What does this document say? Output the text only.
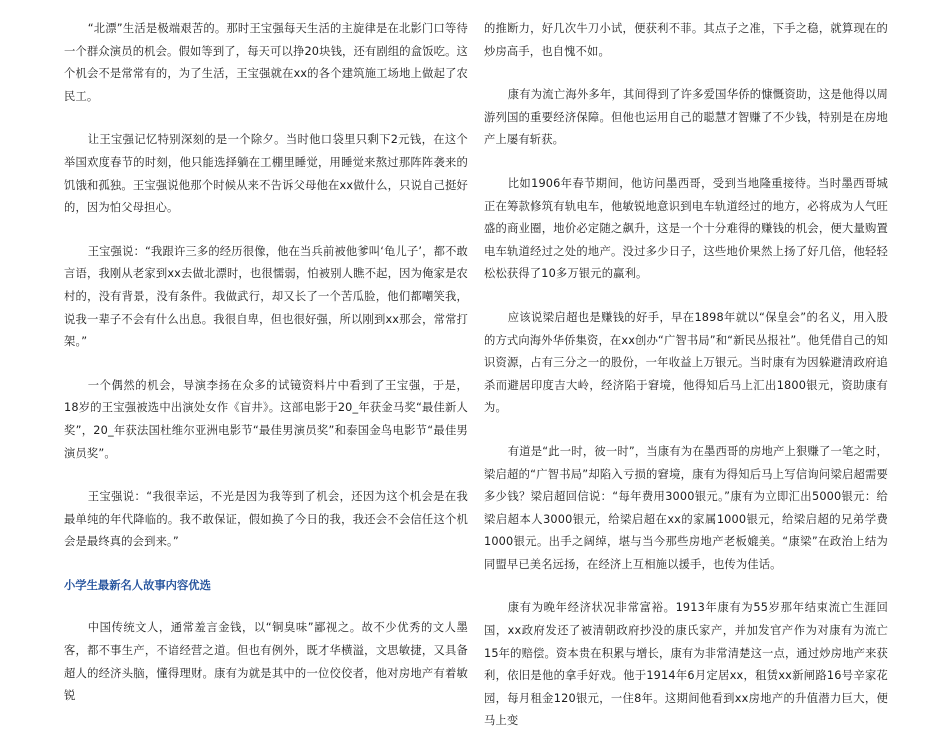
“北漂”生活是极端艰苦的。那时王宝强每天生活的主旋律是在北影门口等待一个群众演员的机会。假如等到了，每天可以挣20块钱，还有剧组的盒饭吃。这个机会不是常常有的，为了生活，王宝强就在xx的各个建筑施工场地上做起了农民工。

让王宝强记忆特别深刻的是一个除夕。当时他口袋里只剩下2元钱，在这个举国欢度春节的时刻，他只能选择躺在工棚里睡觉，用睡觉来熬过那阵阵袭来的饥饿和孤独。王宝强说他那个时候从来不告诉父母他在xx做什么，只说自己挺好的，因为怕父母担心。

王宝强说：“我跟许三多的经历很像，他在当兵前被他爹叫‘龟儿子’，都不敢言语，我刚从老家到xx去做北漂时，也很懦弱，怕被别人瞧不起，因为俺家是农村的，没有背景，没有条件。我做武行，却又长了一个苦瓜脸，他们都嘲笑我，说我一辈子不会有什么出息。我很自卑，但也很好强，所以刚到xx那会，常常打架。”

一个偶然的机会，导演李扬在众多的试镜资料片中看到了王宝强，于是，18岁的王宝强被选中出演处女作《盲井》。这部电影于20_年获金马奖“最佳新人奖”，20_年获法国杜维尔亚洲电影节“最佳男演员奖”和泰国金鸟电影节“最佳男演员奖”。

王宝强说：“我很幸运，不光是因为我等到了机会，还因为这个机会是在我最单纯的年代降临的。我不敢保证，假如换了今日的我，我还会不会信任这个机会是最终真的会到来。”

小学生最新名人故事内容优选

中国传统文人，通常羞言金钱，以“铜臭味”鄙视之。故不少优秀的文人墨客，都不事生产，不谙经营之道。但也有例外，既才华横溢，文思敏捷，又具备超人的经济头脑，懂得理财。康有为就是其中的一位佼佼者，他对房地产有着敏锐

的推断力，好几次牛刀小试，便获利不菲。其点子之准，下手之稳，就算现在的炒房高手，也自愧不如。

康有为流亡海外多年，其间得到了许多爱国华侨的慷慨资助，这是他得以周游列国的重要经济保障。但他也运用自己的聪慧才智赚了不少钱，特别是在房地产上屡有斩获。

比如1906年春节期间，他访问墨西哥，受到当地隆重接待。当时墨西哥城正在筹款修筑有轨电车，他敏锐地意识到电车轨道经过的地方，必将成为人气旺盛的商业圈，地价必定随之飙升，这是一个十分难得的赚钱的机会，便大量购置电车轨道经过之处的地产。没过多少日子，这些地价果然上扬了好几倍，他轻轻松松获得了10多万银元的赢利。

应该说梁启超也是赚钱的好手，早在1898年就以“保皇会”的名义，用入股的方式向海外华侨集资，在xx创办“广智书局”和“新民丛报社”。他凭借自己的知识资源，占有三分之一的股份，一年收益上万银元。当时康有为因躲避清政府追杀而避居印度吉大岭，经济陷于窘境，他得知后马上汇出1800银元，资助康有为。

有道是“此一时，彼一时”，当康有为在墨西哥的房地产上狠赚了一笔之时，梁启超的“广智书局”却陷入亏损的窘境，康有为得知后马上写信询问梁启超需要多少钱？梁启超回信说：“每年费用3000银元。”康有为立即汇出5000银元：给梁启超本人3000银元，给梁启超在xx的家属1000银元，给梁启超的兄弟学费1000银元。出手之阔绰，堪与当今那些房地产老板媲美。“康梁”在政治上结为同盟早已美名远扬，在经济上互相施以援手，也传为佳话。

康有为晚年经济状况非常富裕。1913年康有为55岁那年结束流亡生涯回国，xx政府发还了被清朝政府抄没的康氏家产，并加发官产作为对康有为流亡15年的赔偿。资本贵在积累与增长，康有为非常清楚这一点，通过炒房地产来获利，依旧是他的拿手好戏。他于1914年6月定居xx，租赁xx新闸路16号辛家花园，每月租金120银元，一住8年。这期间他看到xx房地产的升值潜力巨大，便马上变
